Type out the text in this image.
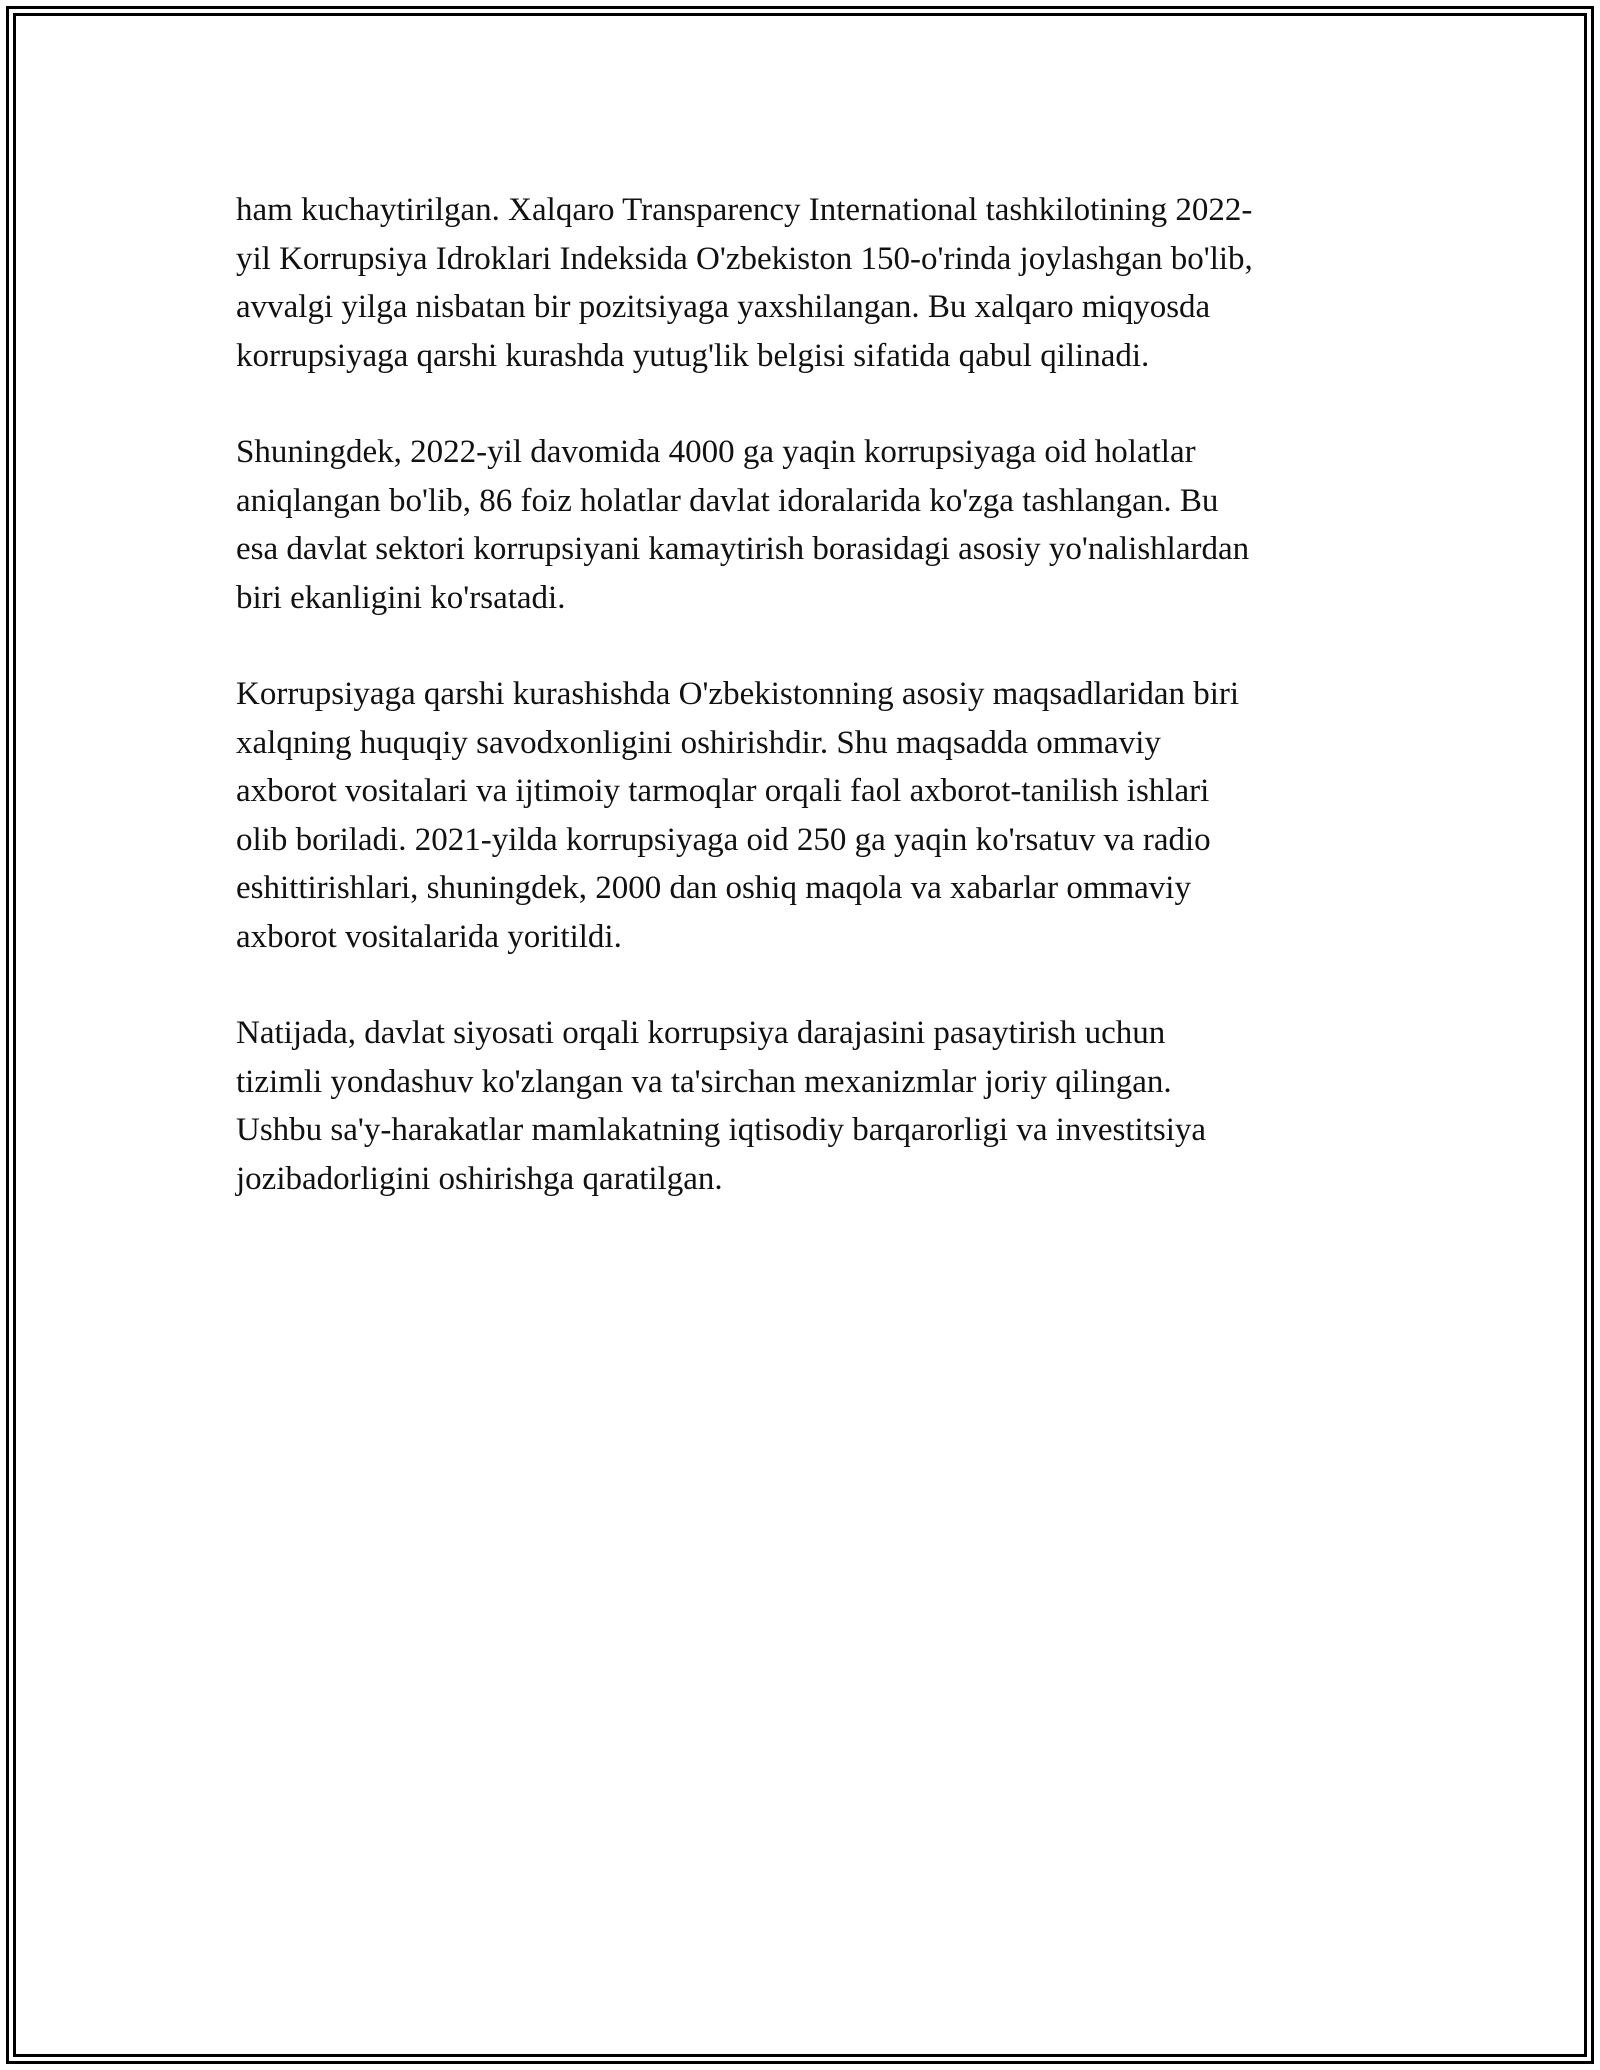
ham kuchaytirilgan. Xalqaro Transparency International tashkilotining 2022-
yil Korrupsiya Idroklari Indeksida O'zbekiston 150-o'rinda joylashgan bo'lib,
avvalgi yilga nisbatan bir pozitsiyaga yaxshilangan. Bu xalqaro miqyosda
korrupsiyaga qarshi kurashda yutug'lik belgisi sifatida qabul qilinadi.

Shuningdek, 2022-yil davomida 4000 ga yaqin korrupsiyaga oid holatlar
aniqlangan bo'lib, 86 foiz holatlar davlat idoralarida ko'zga tashlangan. Bu
esa davlat sektori korrupsiyani kamaytirish borasidagi asosiy yo'nalishlardan
biri ekanligini ko'rsatadi.

Korrupsiyaga qarshi kurashishda O'zbekistonning asosiy maqsadlaridan biri
xalqning huquqiy savodxonligini oshirishdir. Shu maqsadda ommaviy
axborot vositalari va ijtimoiy tarmoqlar orqali faol axborot-tanilish ishlari
olib boriladi. 2021-yilda korrupsiyaga oid 250 ga yaqin ko'rsatuv va radio
eshittirishlari, shuningdek, 2000 dan oshiq maqola va xabarlar ommaviy
axborot vositalarida yoritildi.

Natijada, davlat siyosati orqali korrupsiya darajasini pasaytirish uchun
tizimli yondashuv ko'zlangan va ta'sirchan mexanizmlar joriy qilingan.
Ushbu sa'y-harakatlar mamlakatning iqtisodiy barqarorligi va investitsiya
jozibadorligini oshirishga qaratilgan.
